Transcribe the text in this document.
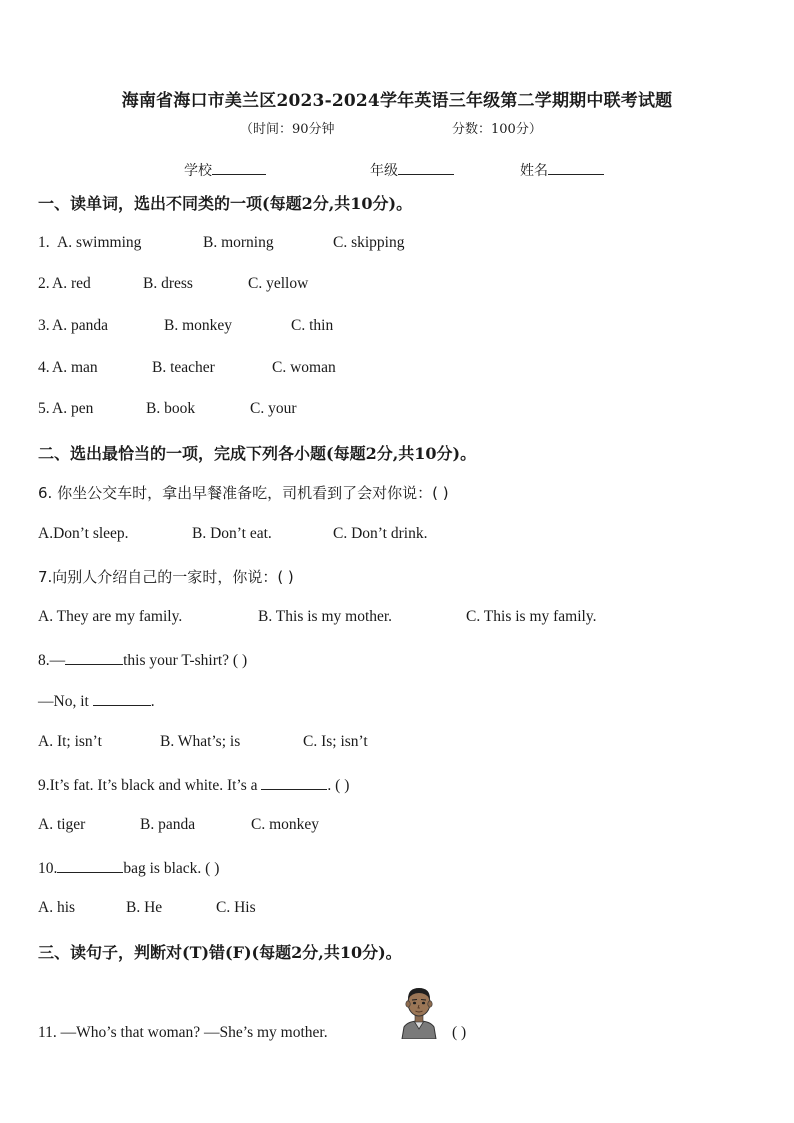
海南省海口市美兰区2023-2024学年英语三年级第二学期期中联考试题
（时间：90分钟	分数：100分）
学校	年级	姓名
一、读单词，选出不同类的一项(每题2分,共10分)。
1. A. swimming	B. morning	C. skipping
2. A. red	B. dress	C. yellow
3. A. panda	B. monkey	C. thin
4. A. man	B. teacher	C. woman
5. A. pen	B. book	C. your
二、选出最恰当的一项，完成下列各小题(每题2分,共10分)。
6. 你坐公交车时，拿出早餐准备吃，司机看到了会对你说：( )
A.Don’t sleep.	B. Don’t eat.	C. Don’t drink.
7.向别人介绍自己的一家时，你说：( )
A. They are my family.	B. This is my mother.	C. This is my family.
8.—	this your T-shirt? ( )
—No, it	.
A. It; isn’t	B. What’s; is	C. Is; isn’t
9.It’s fat. It’s black and white. It’s a	. ( )
A. tiger	B. panda	C. monkey
10.	bag is black. ( )
A. his	B. He	C. His
三、读句子，判断对(T)错(F)(每题2分,共10分)。
11. —Who’s that woman? —She’s my mother.	( )
